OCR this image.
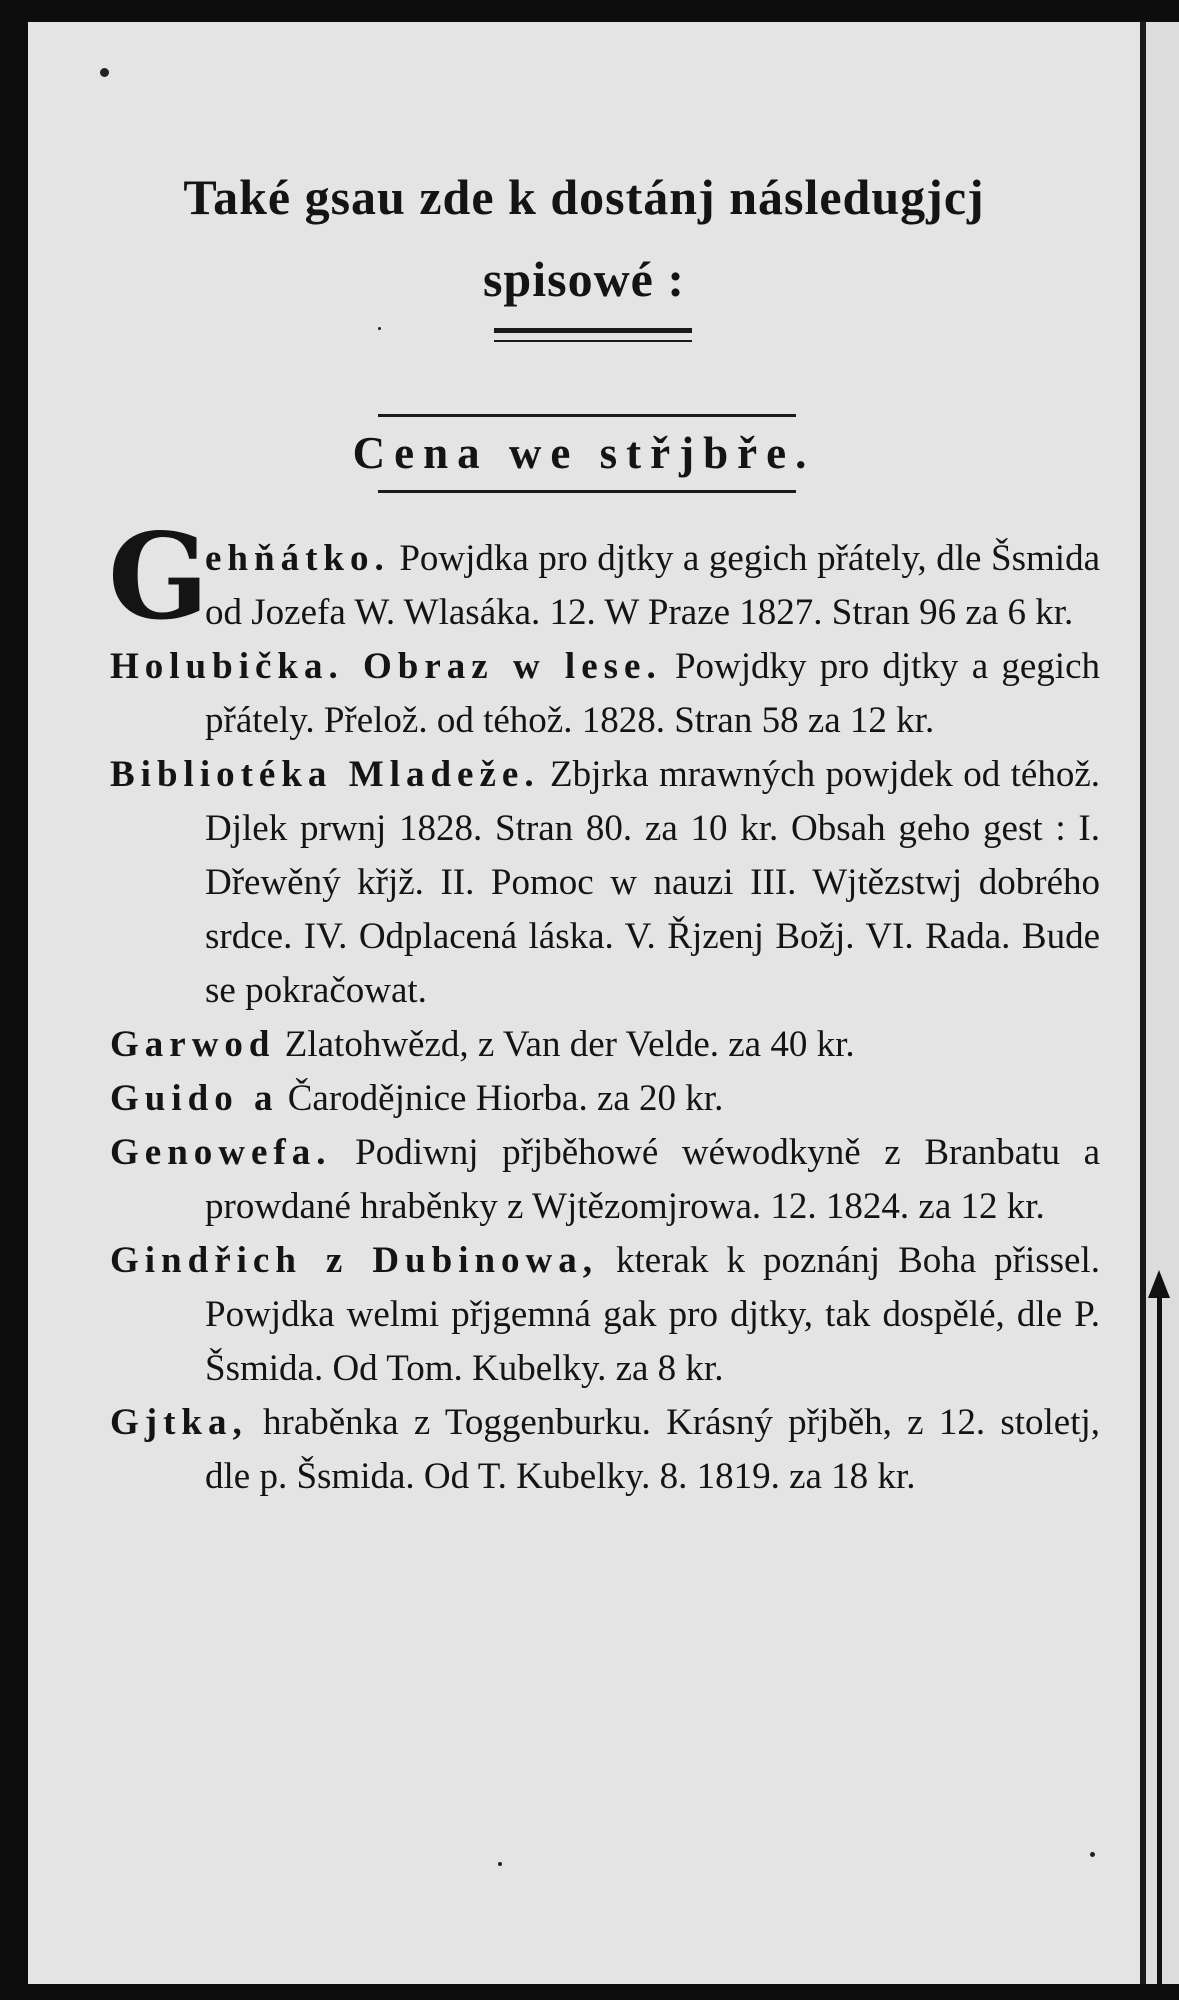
Také gsau zde k dostánj následugjcj
spisowé :
Cena we střjbře.

G
ehňátko. Powjdka pro djtky a gegich přátely, dle Šsmida od Jozefa W. Wlasáka. 12. W Praze 1827. Stran 96 za 6 kr.

Holubička. Obraz w lese. Powjdky pro djtky a gegich přátely. Přelož. od téhož. 1828. Stran 58 za 12 kr.

Bibliotéka Mladeže. Zbjrka mrawných powjdek od téhož. Djlek prwnj 1828. Stran 80. za 10 kr. Obsah geho gest : I. Dřewěný křjž. II. Pomoc w nauzi III. Wjtězstwj dobrého srdce. IV. Odplacená láska. V. Řjzenj Božj. VI. Rada. Bude se pokračowat.

Garwod Zlatohwězd, z Van der Velde. za 40 kr.

Guido a Čarodějnice Hiorba. za 20 kr.

Genowefa. Podiwnj přjběhowé wéwodkyně z Branbatu a prowdané hraběnky z Wjtězomjrowa. 12. 1824. za 12 kr.

Gindřich z Dubinowa, kterak k poznánj Boha přissel. Powjdka welmi přjgemná gak pro djtky, tak dospělé, dle P. Šsmida. Od Tom. Kubelky. za 8 kr.

Gjtka, hraběnka z Toggenburku. Krásný přjběh, z 12. stoletj, dle p. Šsmida. Od T. Kubelky. 8. 1819. za 18 kr.
